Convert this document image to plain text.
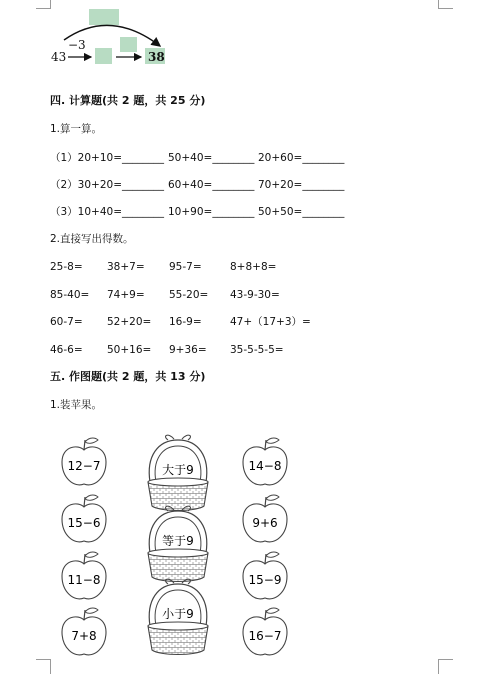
43
−3
38
四. 计算题(共 2 题，共 25 分)
1.算一算。
（1）20+10=________ 50+40=________ 20+60=________
（2）30+20=________ 60+40=________ 70+20=________
（3）10+40=________ 10+90=________ 50+50=________
2.直接写出得数。
25-8= 38+7= 95-7=	8+8+8=
85-40= 74+9= 55-20= 43-9-30=
60-7= 52+20= 16-9=	47+（17+3）=
46-6= 50+16= 9+36= 35-5-5-5=
五. 作图题(共 2 题，共 13 分)
1.装苹果。
12−7
15−6
11−8
7+8
14−8
9+6
15−9
16−7
大于9
等于9
小于9
